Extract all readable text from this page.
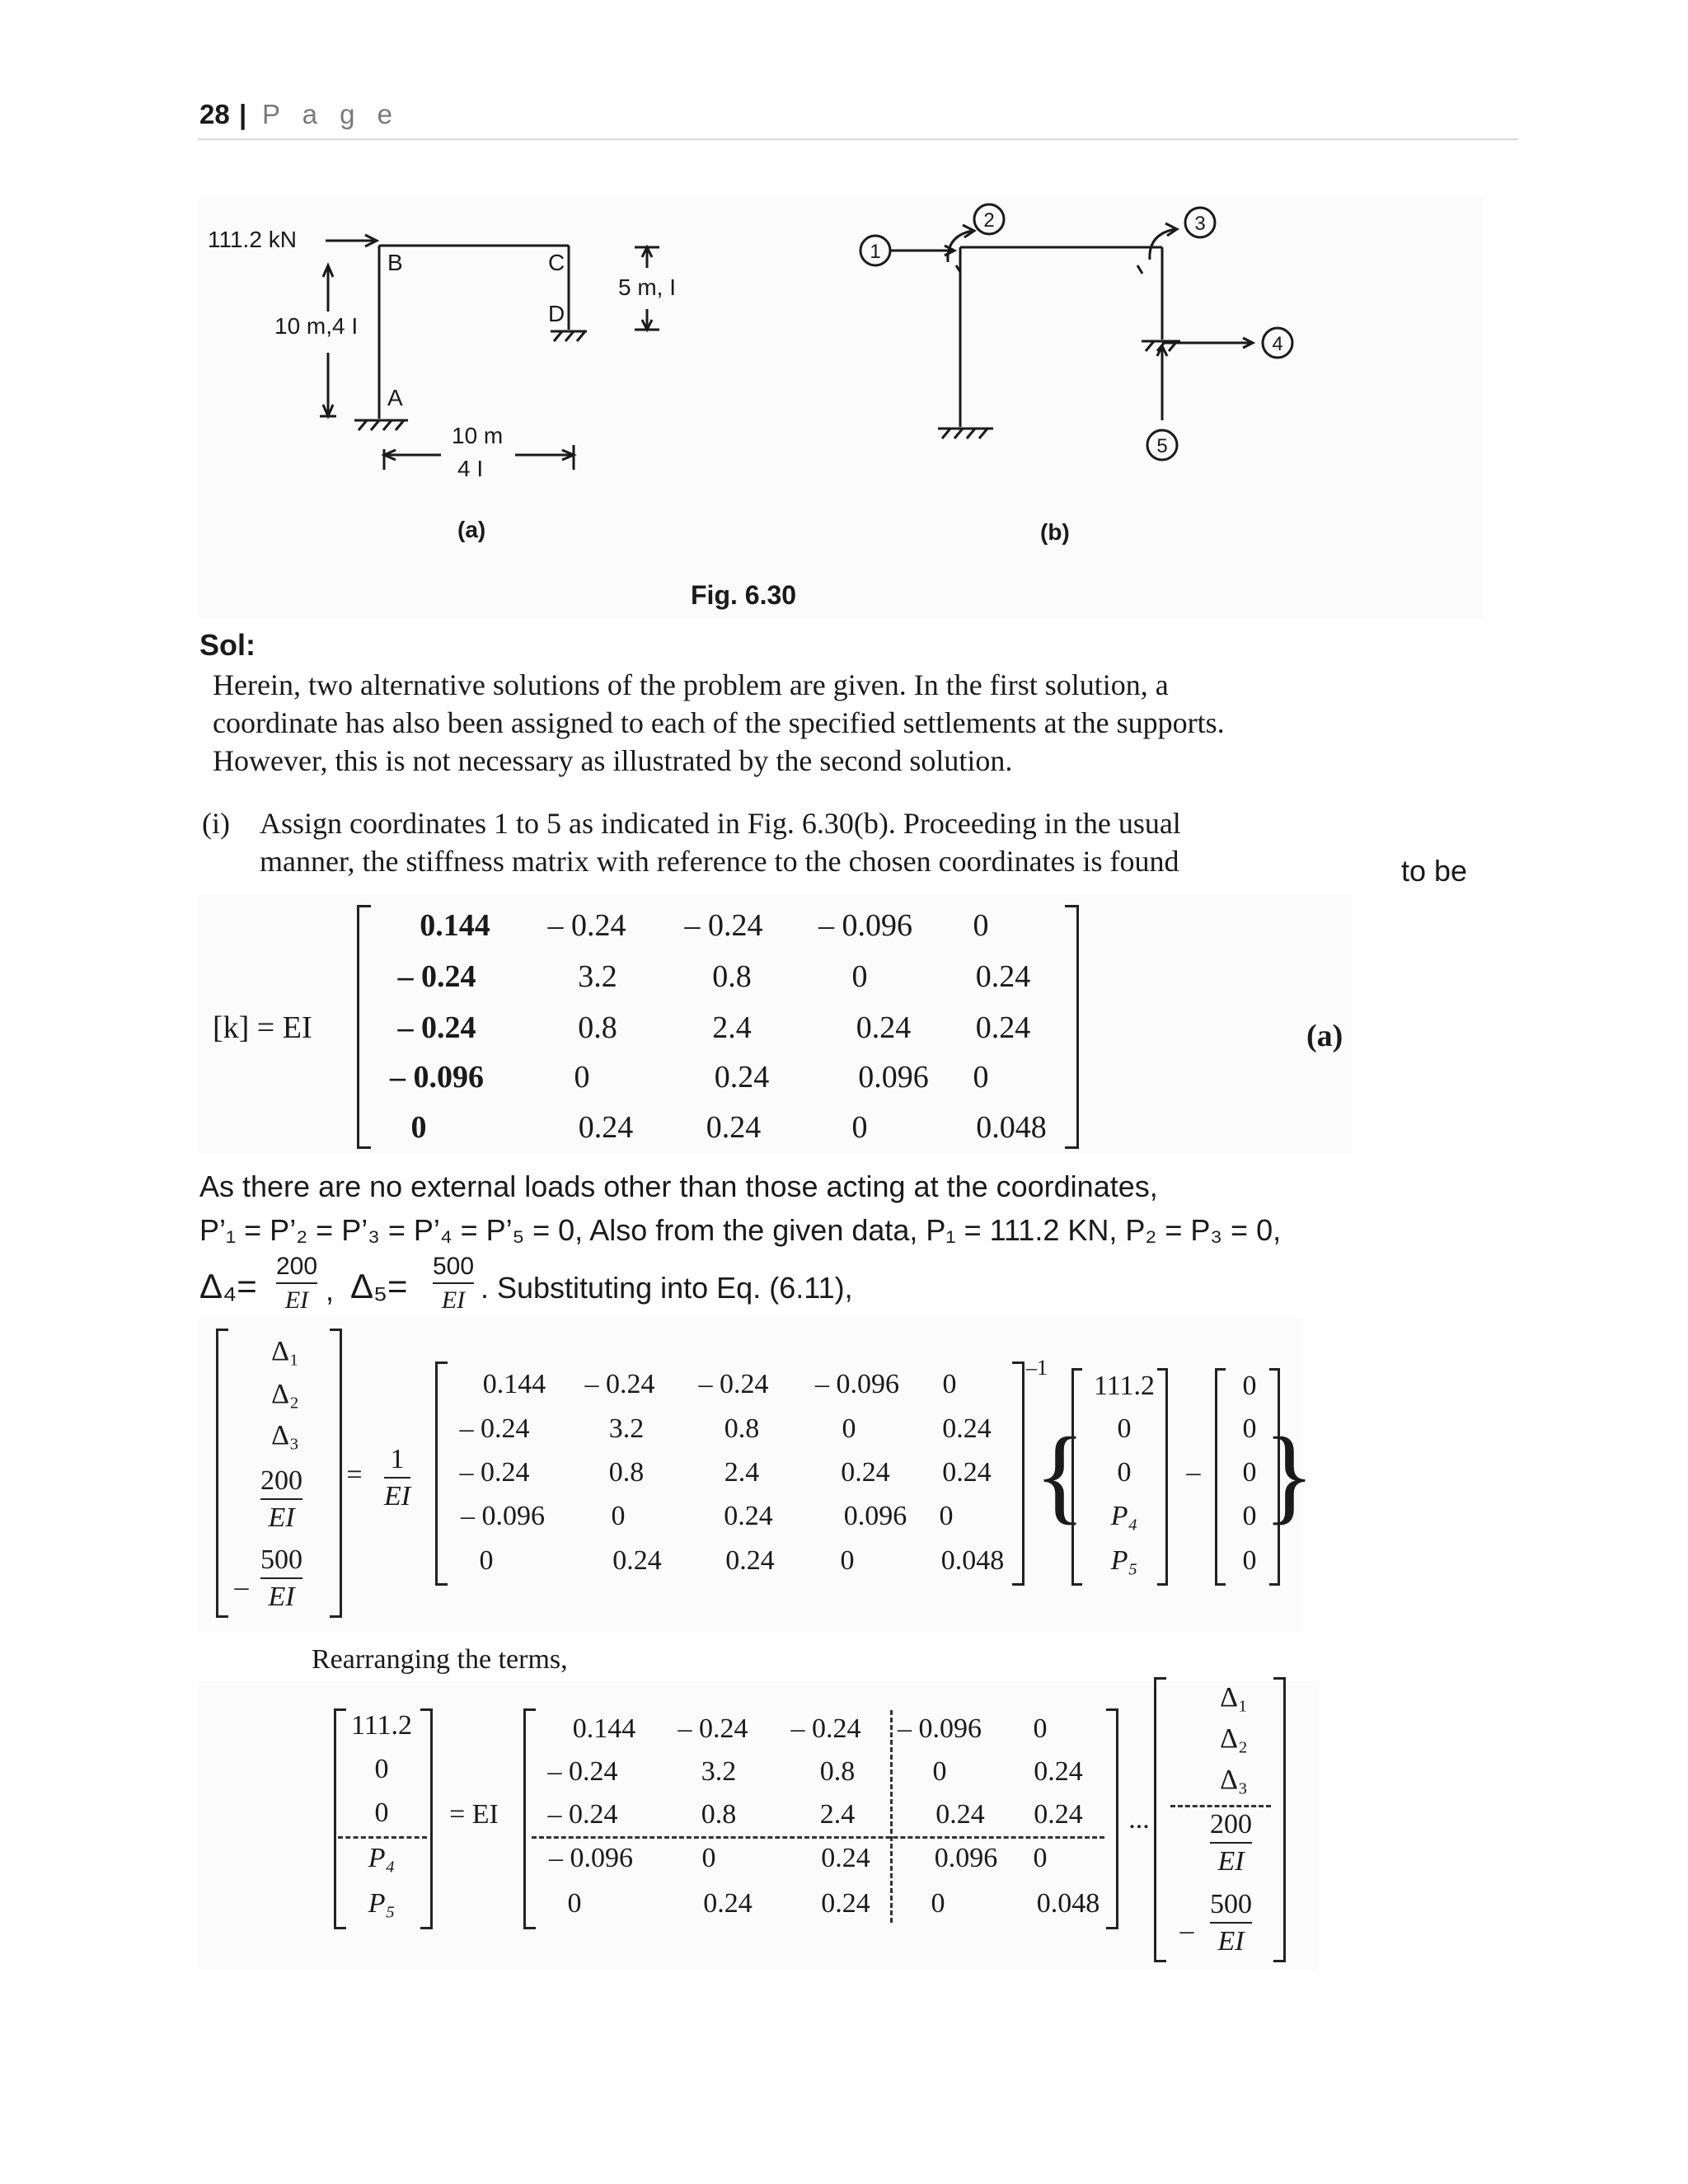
28 | P a g e
111.2 kN
10 m,4 I
5 m, I
10 m
4 I
A
B	C
D
(a)	(b)
Fig. 6.30
1
2	3
4
5
Sol:
Herein, two alternative solutions of the problem are given. In the first solution, a
coordinate has also been assigned to each of the specified settlements at the supports.
However, this is not necessary as illustrated by the second solution.
(i) Assign coordinates 1 to 5 as indicated in Fig. 6.30(b). Proceeding in the usual
manner, the stiffness matrix with reference to the chosen coordinates is found	to be
[k] = EI
0.144 – 0.24 – 0.24 – 0.096 0
– 0.24	3.2	0.8	0	0.24
– 0.24	0.8	2.4	0.24 0.24
– 0.096	0	0.24	0.096 0
0	0.24 0.24	0	0.048
(a)
As there are no external loads other than those acting at the coordinates,
P’₁ = P’₂ = P’₃ = P’₄ = P’₅ = 0, Also from the given data, P₁ = 111.2 KN, P₂ = P₃ = 0,
Δ₄=
200
EI , Δ₅=
500
EI . Substituting into Eq. (6.11),
Δ₁
Δ₂
Δ₃
200
EI
–
500
EI
=
1
EI
–1
0.144 – 0.24 – 0.24 – 0.096 0
– 0.24	3.2	0.8	0	0.24
– 0.24	0.8	2.4	0.24 0.24
– 0.096 0	0.24	0.096 0
0	0.24 0.24 0	0.048
{
111.2
0
0
P₄
P₅
–
0
0
0
0
0
}
Rearranging the terms,
111.2
0
0
P₄
P₅
= EI
0.144 – 0.24 – 0.24 – 0.096 0
– 0.24	3.2	0.8	0	0.24
– 0.24	0.8	2.4	0.24 0.24
– 0.096 0	0.24 0.096 0
0	0.24 0.24 0	0.048
...
Δ₁
Δ₂
Δ₃
200
EI
–
500
EI
